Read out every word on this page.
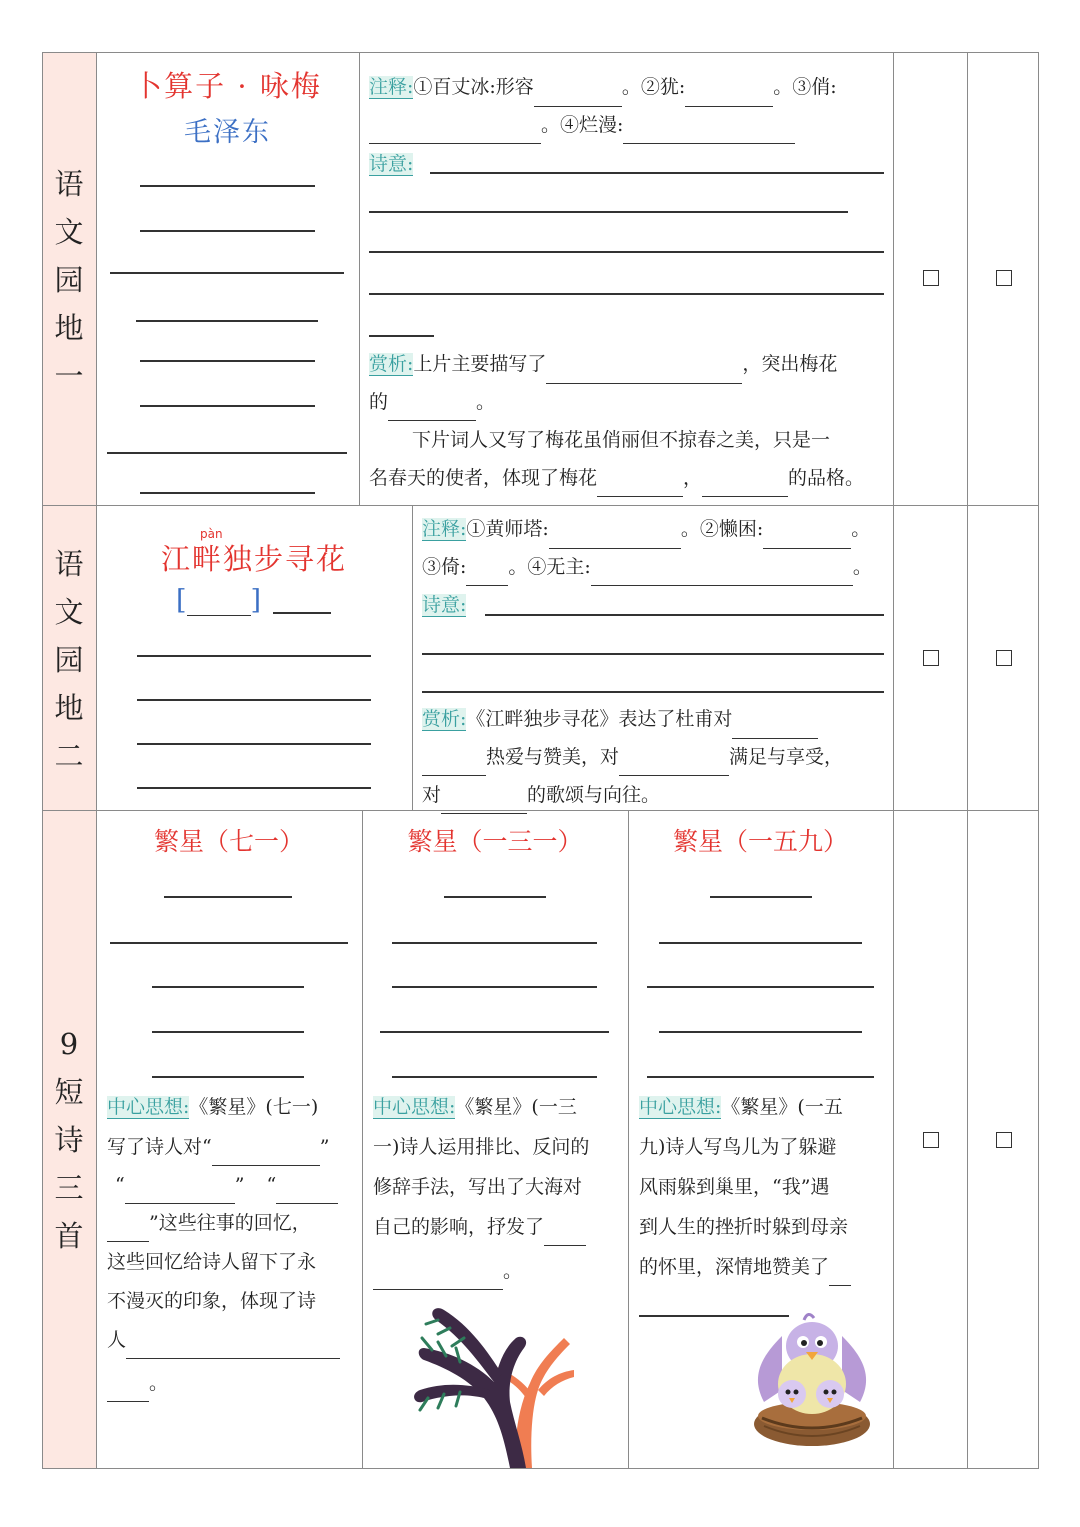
语
文
园
地
一
语
文
园
地
二
9
短
诗
三
首
卜算子 · 咏梅
毛泽东
注释:①百丈冰:形容	。②犹:	。③俏:
。④烂漫:
诗意:
赏析:上片主要描写了	，突出梅花
的	。
下片词人又写了梅花虽俏丽但不掠春之美，只是一
名春天的使者，体现了梅花	，	的品格。
pàn
江畔独步寻花
[ ]
注释:①黄师塔:	。②懒困:	。
③倚: 。④无主:	。
诗意:
赏析:《江畔独步寻花》表达了杜甫对
热爱与赞美，对	满足与享受，
对	的歌颂与向往。
繁星（七一）
中心思想:《繁星》(七一)
写了诗人对“	”
“	” “
”这些往事的回忆，
这些回忆给诗人留下了永
不漫灭的印象，体现了诗
人
。
繁星（一三一）
中心思想:《繁星》(一三
一)诗人运用排比、反问的
修辞手法，写出了大海对
自己的影响，抒发了
。
繁星（一五九）
中心思想:《繁星》(一五
九)诗人写鸟儿为了躲避
风雨躲到巢里，“我”遇
到人生的挫折时躲到母亲
的怀里，深情地赞美了
